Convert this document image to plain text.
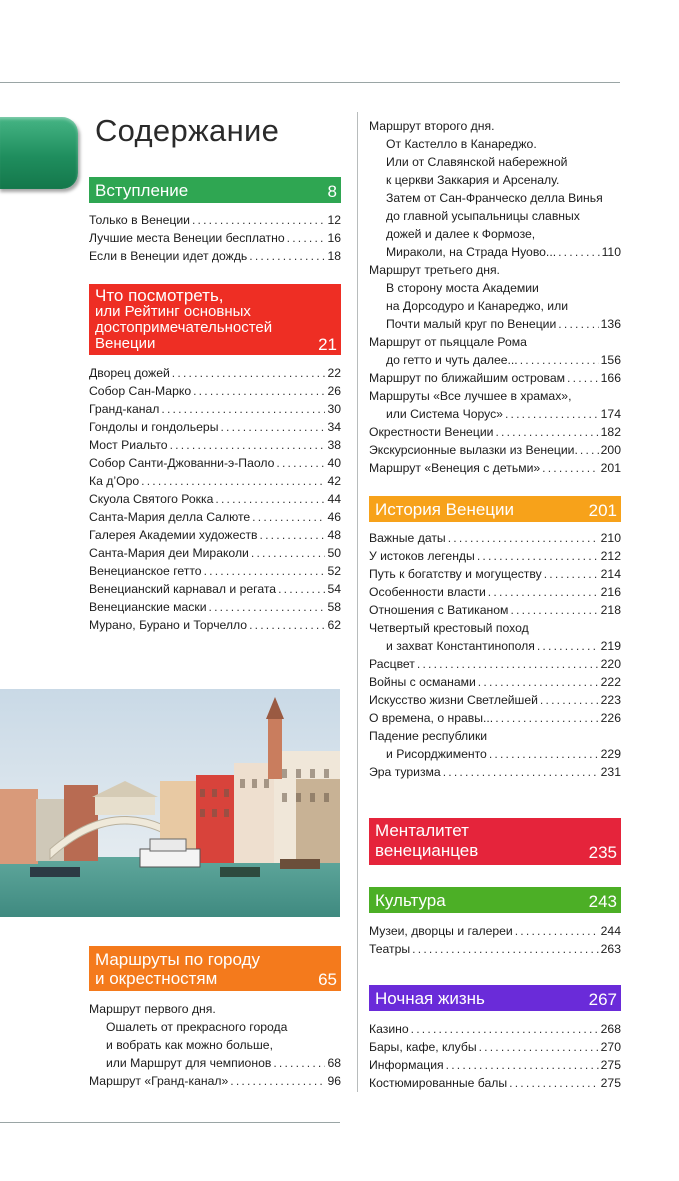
Содержание
Вступление	8
Только в Венеции . . .	12
Лучшие места Венеции бесплатно . . .	16
Если в Венеции идет дождь . . .	18
Что посмотреть,
или Рейтинг основных
достопримечательностей
Венеции	21
Дворец дожей . . .	22
Собор Сан-Марко . . .	26
Гранд-канал . . .	30
Гондолы и гондольеры . . .	34
Мост Риальто . . .	38
Собор Санти-Джованни-э-Паоло . . .	40
Ка д’Оро . . .	42
Скуола Святого Рокка . . .	44
Санта-Мария делла Салюте . . .	46
Галерея Академии художеств . . .	48
Санта-Мария деи Мираколи . . .	50
Венецианское гетто . . .	52
Венецианский карнавал и регата . . .	54
Венецианские маски . . .	58
Мурано, Бурано и Торчелло . . .	62
Маршруты по городу
и окрестностям	65
Маршрут первого дня.
Ошалеть от прекрасного города
и вобрать как можно больше,
или Маршрут для чемпионов . . .	68
Маршрут «Гранд-канал» . . .	96
Маршрут второго дня.
От Кастелло в Канареджо.
Или от Славянской набережной
к церкви Заккария и Арсеналу.
Затем от Сан-Франческо делла Винья
до главной усыпальницы славных
дожей и далее к Формозе,
Мираколи, на Страда Нуово... . . .	110
Маршрут третьего дня.
В сторону моста Академии
на Дорсодуро и Канареджо, или
Почти малый круг по Венеции . . .	136
Маршрут от пьяццале Рома
до гетто и чуть далее... . . .	156
Маршрут по ближайшим островам . . .	166
Маршруты «Все лучшее в храмах»,
или Система Чорус» . . .	174
Окрестности Венеции . . .	182
Экскурсионные вылазки из Венеции. . . . 200
Маршрут «Венеция с детьми» . . .	201
История Венеции	201
Важные даты . . .	210
У истоков легенды . . .	212
Путь к богатству и могуществу . . .	214
Особенности власти . . .	216
Отношения с Ватиканом . . .	218
Четвертый крестовый поход
и захват Константинополя . . .	219
Расцвет . . .	220
Войны с османами . . .	222
Искусство жизни Светлейшей . . .	223
О времена, о нравы... . . .	226
Падение республики
и Рисорджименто . . .	229
Эра туризма . . .	231
Менталитет
венецианцев	235
Культура	243
Музеи, дворцы и галереи . . .	244
Театры . . .	263
Ночная жизнь	267
Казино . . .	268
Бары, кафе, клубы . . .	270
Информация . . .	275
Костюмированные балы . . .	275
